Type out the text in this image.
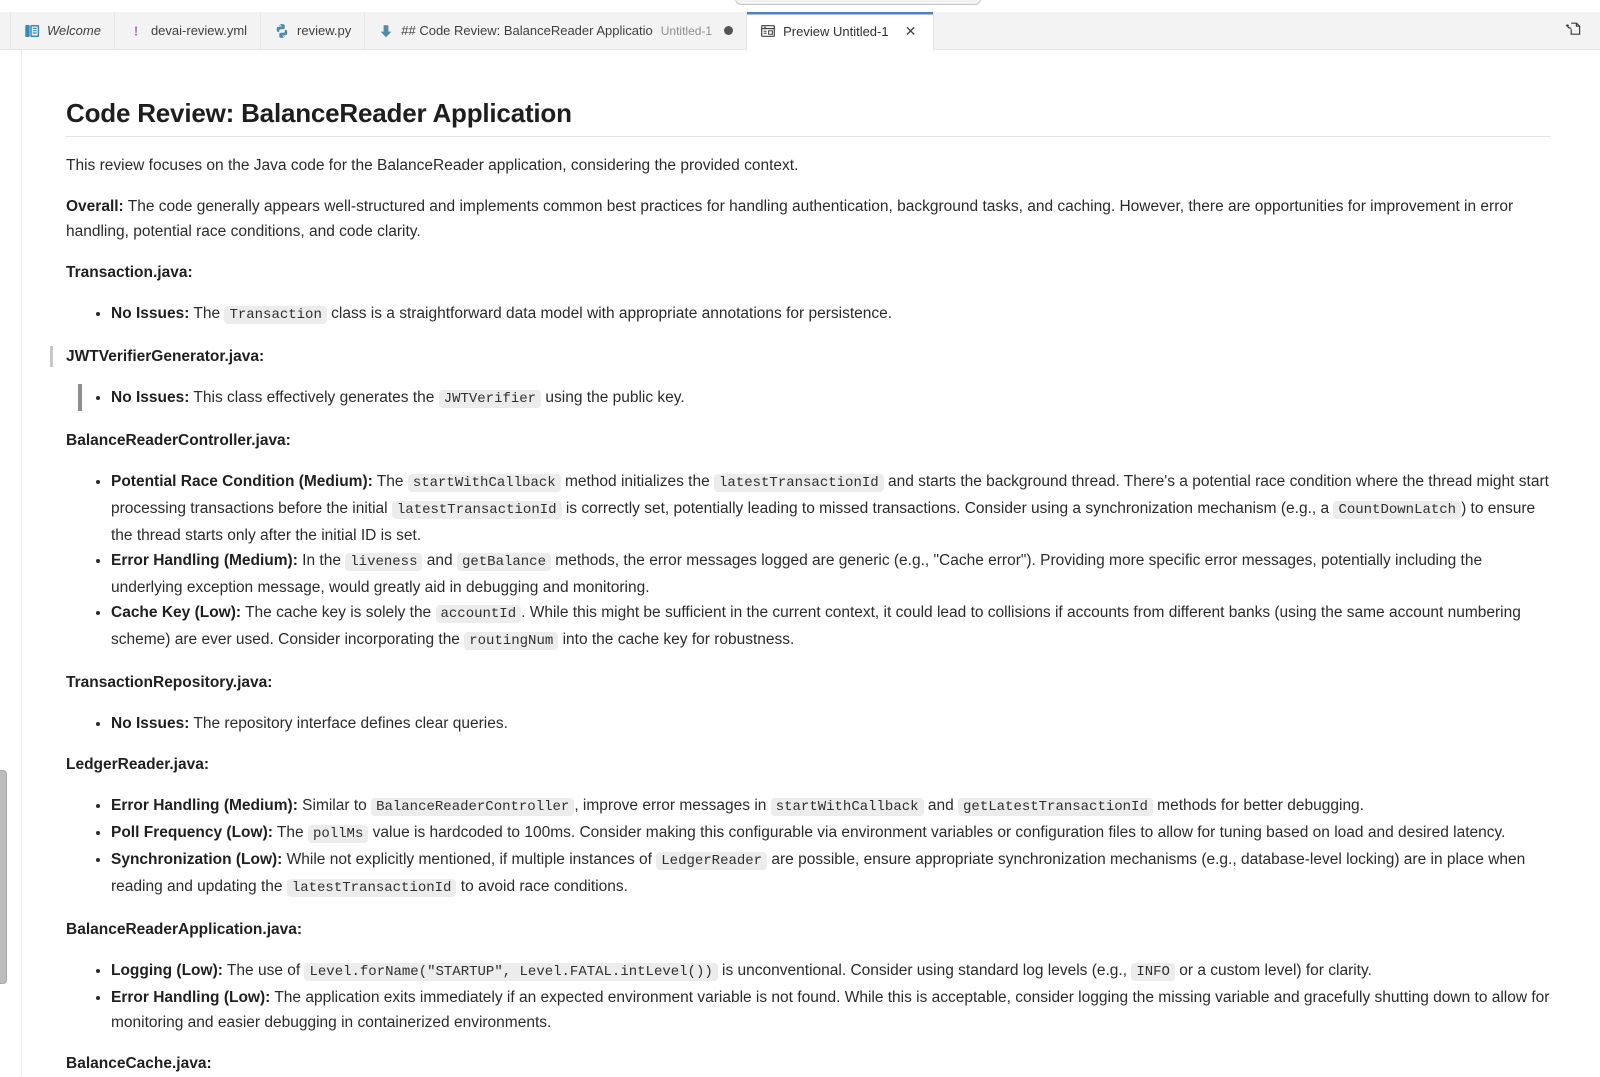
Welcome	! devai-review.yml	review.py	## Code Review: BalanceReader Applicatio Untitled-1	Preview Untitled-1 ✕
Code Review: BalanceReader Application

This review focuses on the Java code for the BalanceReader application, considering the provided context.

Overall: The code generally appears well-structured and implements common best practices for handling authentication, background tasks, and caching. However, there are opportunities for improvement in error handling, potential race conditions, and code clarity.

Transaction.java:

• No Issues: The Transaction class is a straightforward data model with appropriate annotations for persistence.

JWTVerifierGenerator.java:

• No Issues: This class effectively generates the JWTVerifier using the public key.

BalanceReaderController.java:

• Potential Race Condition (Medium): The startWithCallback method initializes the latestTransactionId and starts the background thread. There's a potential race condition where the thread might start processing transactions before the initial latestTransactionId is correctly set, potentially leading to missed transactions. Consider using a synchronization mechanism (e.g., a CountDownLatch ) to ensure the thread starts only after the initial ID is set.
• Error Handling (Medium): In the liveness and getBalance methods, the error messages logged are generic (e.g., "Cache error"). Providing more specific error messages, potentially including the underlying exception message, would greatly aid in debugging and monitoring.
• Cache Key (Low): The cache key is solely the accountId . While this might be sufficient in the current context, it could lead to collisions if accounts from different banks (using the same account numbering scheme) are ever used. Consider incorporating the routingNum into the cache key for robustness.

TransactionRepository.java:

• No Issues: The repository interface defines clear queries.

LedgerReader.java:

• Error Handling (Medium): Similar to BalanceReaderController , improve error messages in startWithCallback and getLatestTransactionId methods for better debugging.
• Poll Frequency (Low): The pollMs value is hardcoded to 100ms. Consider making this configurable via environment variables or configuration files to allow for tuning based on load and desired latency.
• Synchronization (Low): While not explicitly mentioned, if multiple instances of LedgerReader are possible, ensure appropriate synchronization mechanisms (e.g., database-level locking) are in place when reading and updating the latestTransactionId to avoid race conditions.

BalanceReaderApplication.java:

• Logging (Low): The use of Level.forName("STARTUP", Level.FATAL.intLevel()) is unconventional. Consider using standard log levels (e.g., INFO or a custom level) for clarity.
• Error Handling (Low): The application exits immediately if an expected environment variable is not found. While this is acceptable, consider logging the missing variable and gracefully shutting down to allow for monitoring and easier debugging in containerized environments.

BalanceCache.java:
